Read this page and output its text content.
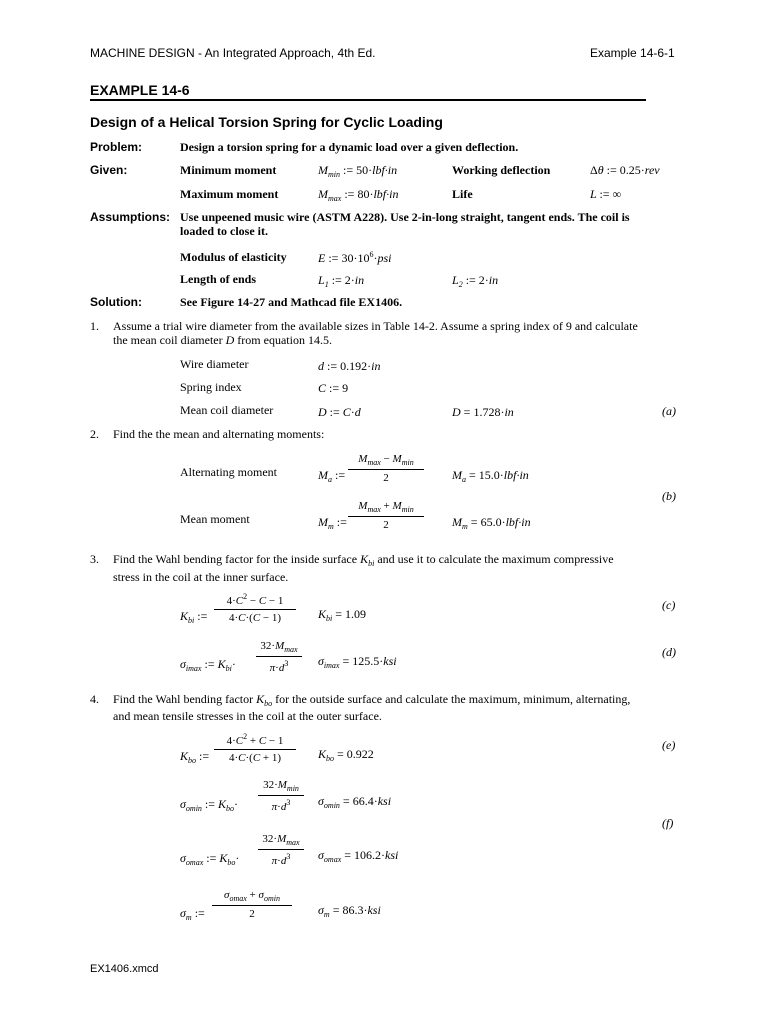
MACHINE DESIGN - An Integrated Approach, 4th Ed.	Example 14-6-1
EXAMPLE 14-6
Design of a Helical Torsion Spring for Cyclic Loading
Problem:	Design a torsion spring for a dynamic load over a given deflection.
Given:	Minimum moment	$M_{min}$ := 50·lbf·in	Working deflection	Δθ := 0.25·rev
Maximum moment	$M_{max}$ := 80·lbf·in	Life	L := ∞
Assumptions: Use unpeened music wire (ASTM A228). Use 2-in-long straight, tangent ends. The coil is
loaded to close it.
Modulus of elasticity	E := $30\cdot 10^6\cdot psi$
Length of ends	$L_1$ := 2·in	$L_2$ := 2·in
Solution:	See Figure 14-27 and Mathcad file EX1406.
1. Assume a trial wire diameter from the available sizes in Table 14-2. Assume a spring index of 9 and calculate
the mean coil diameter D from equation 14.5.
Wire diameter	d := 0.192·in
Spring index	C := 9
Mean coil diameter	D := C·d	D = 1.728·in	(a)
2. Find the the mean and alternating moments:
Alternating moment	$M_a$ :=
$M_{max} - M_{min}$
2	$M_a = 15.0\cdot lbf\cdot in$
(b)
Mean moment	$M_m$ :=
$M_{max} + M_{min}$
2	$M_m = 65.0\cdot lbf\cdot in$
3. Find the Wahl bending factor for the inside surface $K_{bi}$ and use it to calculate the maximum compressive
stress in the coil at the inner surface.
$K_{bi}$ :=
$4\cdot C^2 - C - 1$
4·C·(C − 1)	$K_{bi} = 1.09$
(c)
$\sigma_{imax}$ := $K_{bi}\cdot$
$32\cdot M_{max}$
$\pi\cdot d^3$	$\sigma_{imax} = 125.5\cdot ksi$
(d)
4. Find the Wahl bending factor $K_{bo}$ for the outside surface and calculate the maximum, minimum, alternating,
and mean tensile stresses in the coil at the outer surface.
$K_{bo}$ :=
$4\cdot C^2 + C - 1$
4·C·(C + 1)	$K_{bo} = 0.922$
(e)
$\sigma_{omin}$ := $K_{bo}\cdot$
$32\cdot M_{min}$
$\pi\cdot d^3$	$\sigma_{omin} = 66.4\cdot ksi$
(f)
$\sigma_{omax}$ := $K_{bo}\cdot$
$32\cdot M_{max}$
$\pi\cdot d^3$	$\sigma_{omax} = 106.2\cdot ksi$
$\sigma_m$ :=
$\sigma_{omax} + \sigma_{omin}$
2	$\sigma_m = 86.3\cdot ksi$
EX1406.xmcd
